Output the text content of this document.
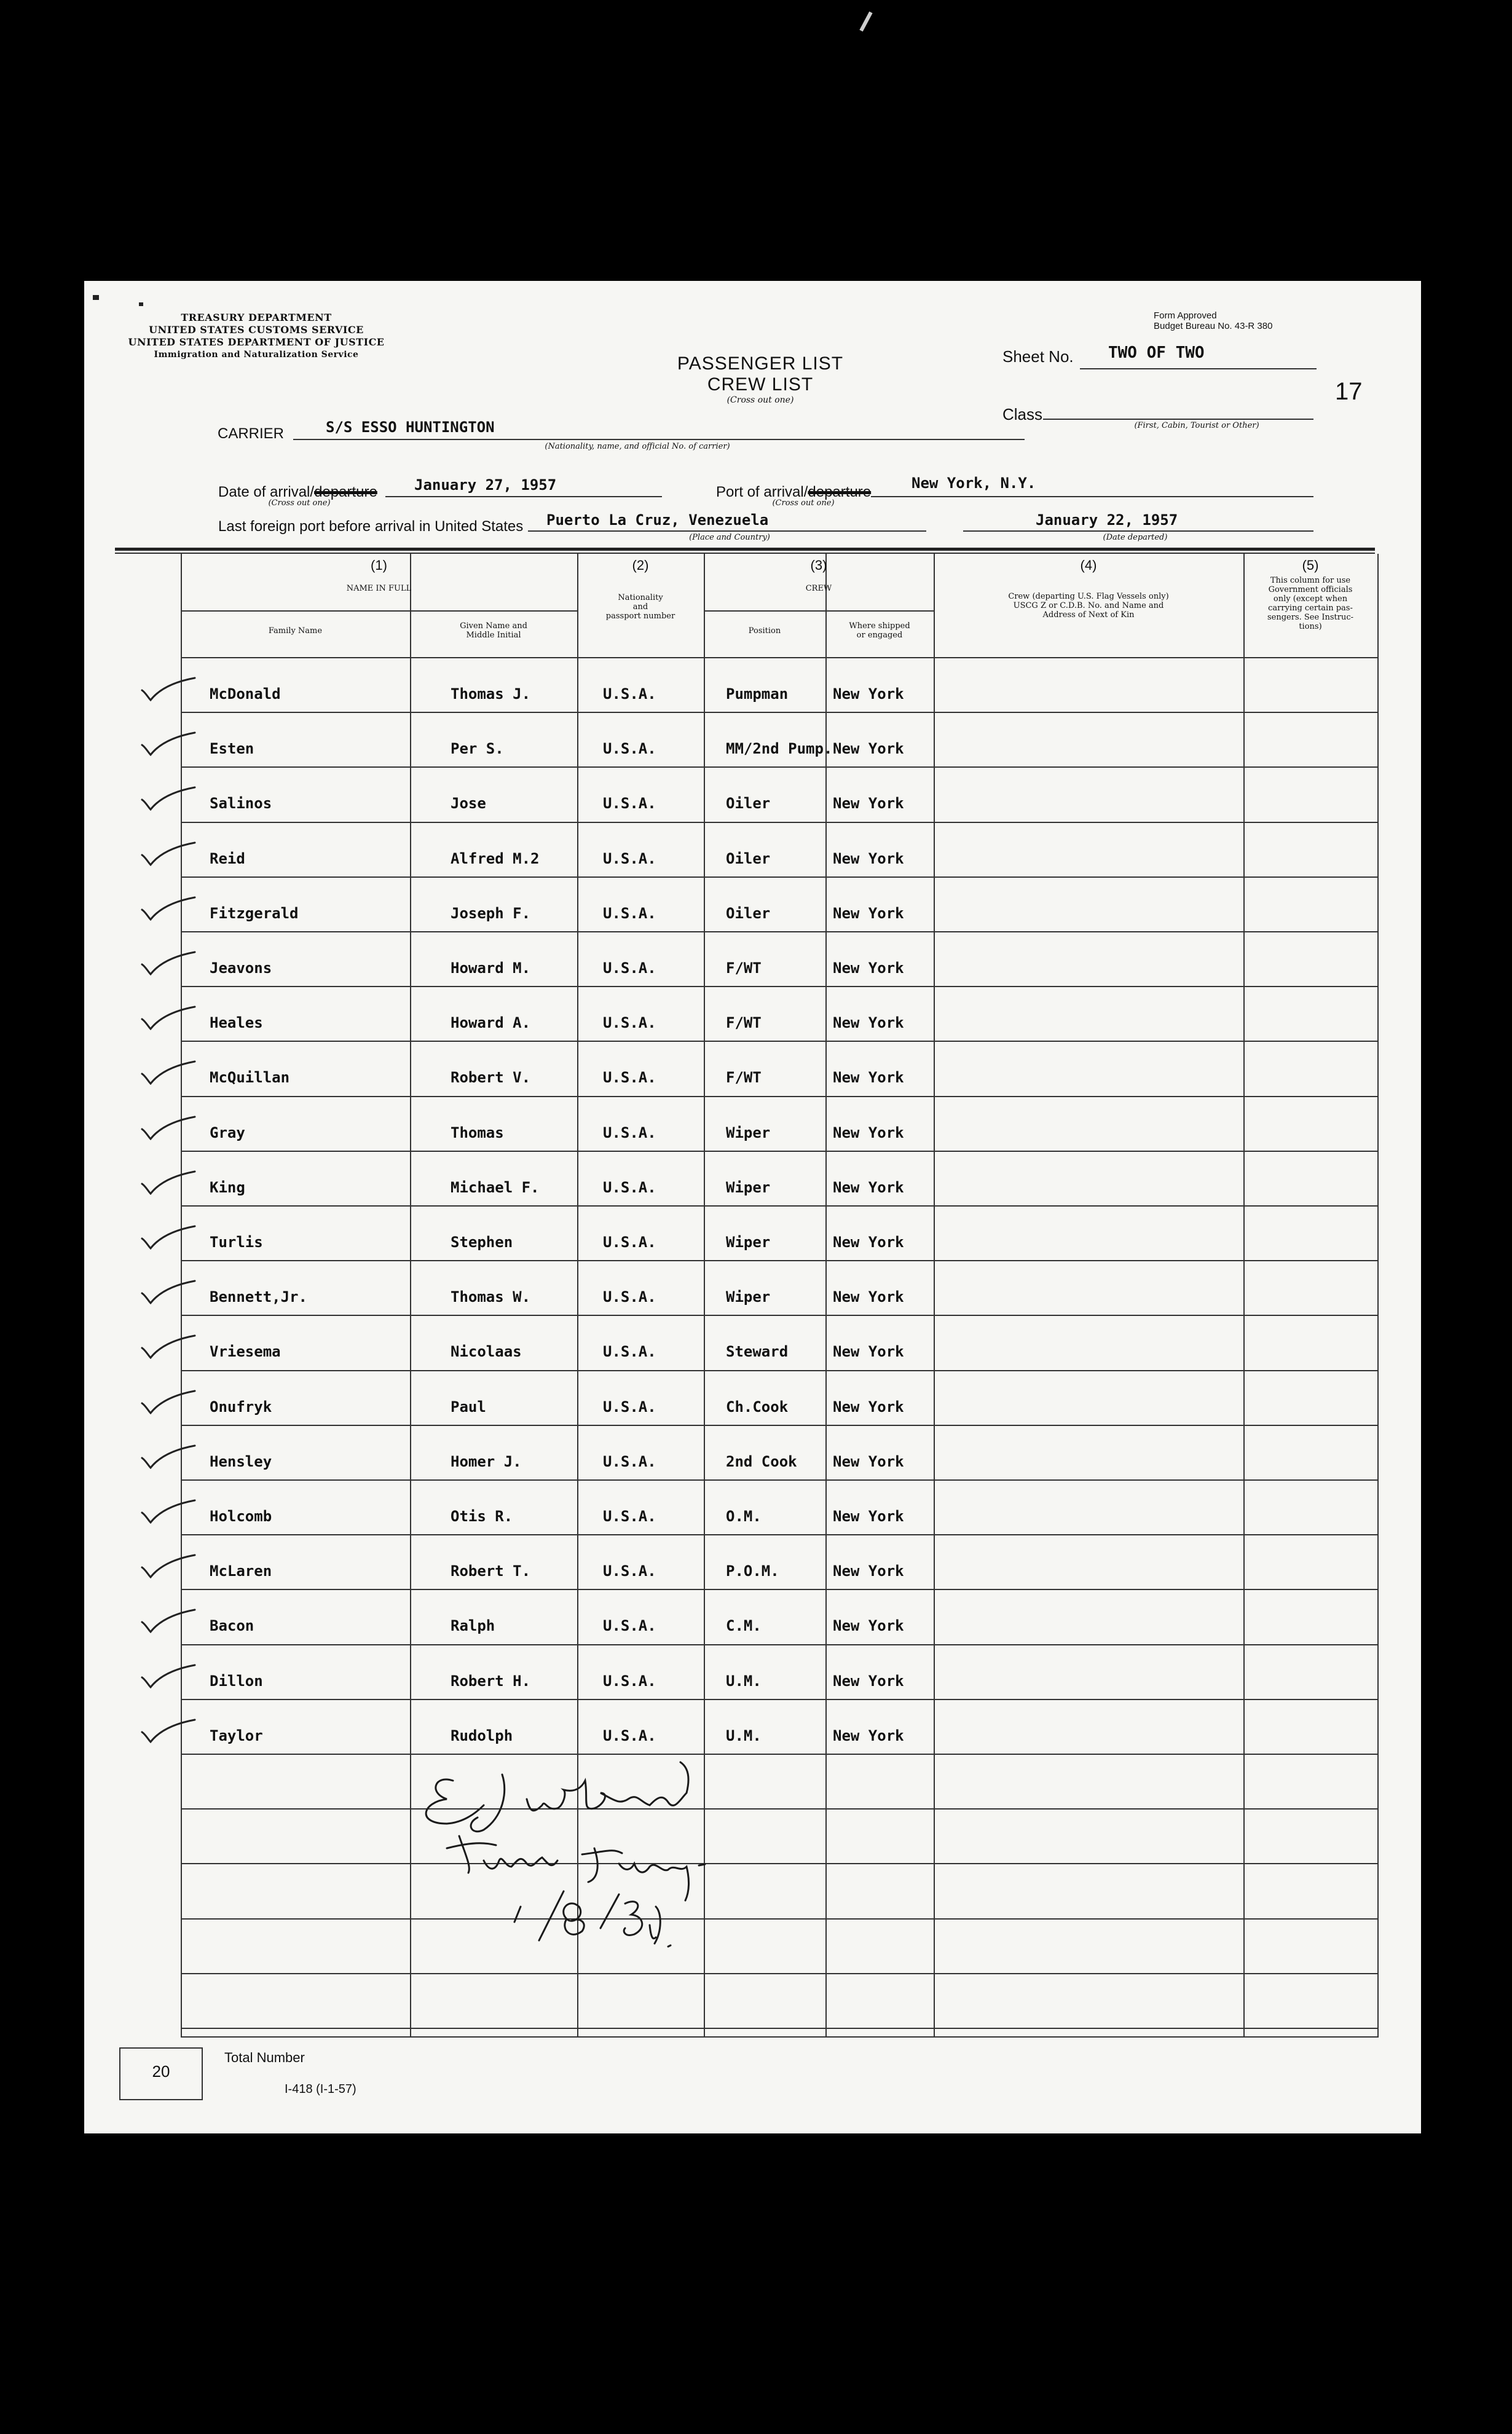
TREASURY DEPARTMENT
UNITED STATES CUSTOMS SERVICE
UNITED STATES DEPARTMENT OF JUSTICE
Immigration and Naturalization Service	PASSENGER LIST
CREW LIST
(Cross out one)
Form Approved
Budget Bureau No. 43-R 380
Sheet No. TWO OF TWO
17
Class
(First, Cabin, Tourist or Other)
CARRIER	S/S ESSO HUNTINGTON
(Nationality, name, and official No. of carrier)
Date of arrival/departure	January 27, 1957
(Cross out one)
Port of arrival/departure
New York, N.Y.
(Cross out one)
Last foreign port before arrival in United States Puerto La Cruz, Venezuela
(Place and Country)
January 22, 1957
(Date departed)
(1)
NAME IN FULL
Family Name
Given Name and
Middle Initial
(2)
Nationality
and
passport number
(3)
CREW
Position
Where shipped
or engaged
(4)
Crew (departing U.S. Flag Vessels only)
USCG Z or C.D.B. No. and Name and
Address of Next of Kin
(5)
This column for use
Government officials
only (except when
carrying certain pas-
sengers. See Instruc-
tions)
McDonald	Thomas J.	U.S.A.	Pumpman	New York
Esten	Per S.	U.S.A.	MM/2nd Pump. New York
Salinos	Jose	U.S.A.	Oiler	New York
Reid	Alfred M.2	U.S.A.	Oiler	New York
Fitzgerald	Joseph F.	U.S.A.	Oiler	New York
Jeavons	Howard M.	U.S.A.	F/WT	New York
Heales	Howard A.	U.S.A.	F/WT	New York
McQuillan	Robert V.	U.S.A.	F/WT	New York
Gray	Thomas	U.S.A.	Wiper	New York
King	Michael F.	U.S.A.	Wiper	New York
Turlis	Stephen	U.S.A.	Wiper	New York
Bennett,Jr.	Thomas W.	U.S.A.	Wiper	New York
Vriesema	Nicolaas	U.S.A.	Steward	New York
Onufryk	Paul	U.S.A.	Ch.Cook	New York
Hensley	Homer J.	U.S.A.	2nd Cook New York
Holcomb	Otis R.	U.S.A.	O.M.	New York
McLaren	Robert T.	U.S.A.	P.O.M.	New York
Bacon	Ralph	U.S.A.	C.M.	New York
Dillon	Robert H.	U.S.A.	U.M.	New York
Taylor	Rudolph	U.S.A.	U.M.	New York
20
Total Number
I-418 (I-1-57)
